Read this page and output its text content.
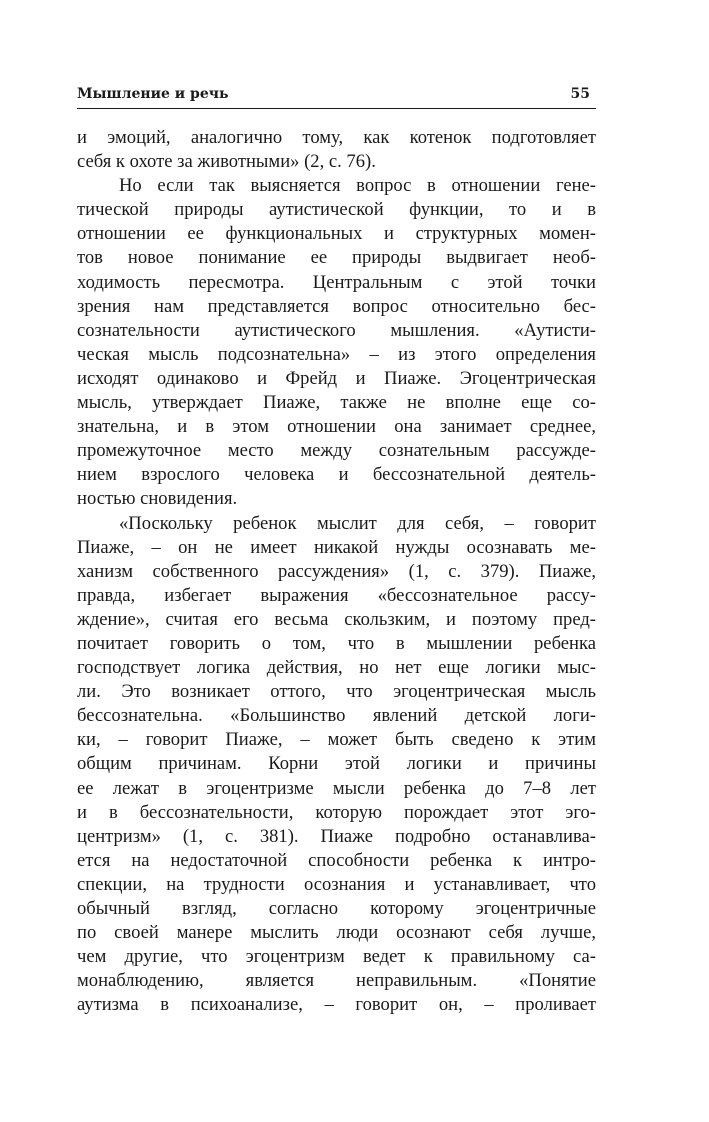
Мышление и речь	55
и эмоций, аналогично тому, как котенок подготовляет
себя к охоте за животными» (2, с. 76).
Но если так выясняется вопрос в отношении гене-
тической природы аутистической функции, то и в
отношении ее функциональных и структурных момен-
тов новое понимание ее природы выдвигает необ-
ходимость пересмотра. Центральным с этой точки
зрения нам представляется вопрос относительно бес-
сознательности аутистического мышления. «Аутисти-
ческая мысль подсознательна» – из этого определения
исходят одинаково и Фрейд и Пиаже. Эгоцентрическая
мысль, утверждает Пиаже, также не вполне еще со-
знательна, и в этом отношении она занимает среднее,
промежуточное место между сознательным рассужде-
нием взрослого человека и бессознательной деятель-
ностью сновидения.
«Поскольку ребенок мыслит для себя, – говорит
Пиаже, – он не имеет никакой нужды осознавать ме-
ханизм собственного рассуждения» (1, с. 379). Пиаже,
правда, избегает выражения «бессознательное рассу-
ждение», считая его весьма скользким, и поэтому пред-
почитает говорить о том, что в мышлении ребенка
господствует логика действия, но нет еще логики мыс-
ли. Это возникает оттого, что эгоцентрическая мысль
бессознательна. «Большинство явлений детской логи-
ки, – говорит Пиаже, – может быть сведено к этим
общим причинам. Корни этой логики и причины
ее лежат в эгоцентризме мысли ребенка до 7–8 лет
и в бессознательности, которую порождает этот эго-
центризм» (1, с. 381). Пиаже подробно останавлива-
ется на недостаточной способности ребенка к интро-
спекции, на трудности осознания и устанавливает, что
обычный взгляд, согласно которому эгоцентричные
по своей манере мыслить люди осознают себя лучше,
чем другие, что эгоцентризм ведет к правильному са-
монаблюдению, является неправильным. «Понятие
аутизма в психоанализе, – говорит он, – проливает
